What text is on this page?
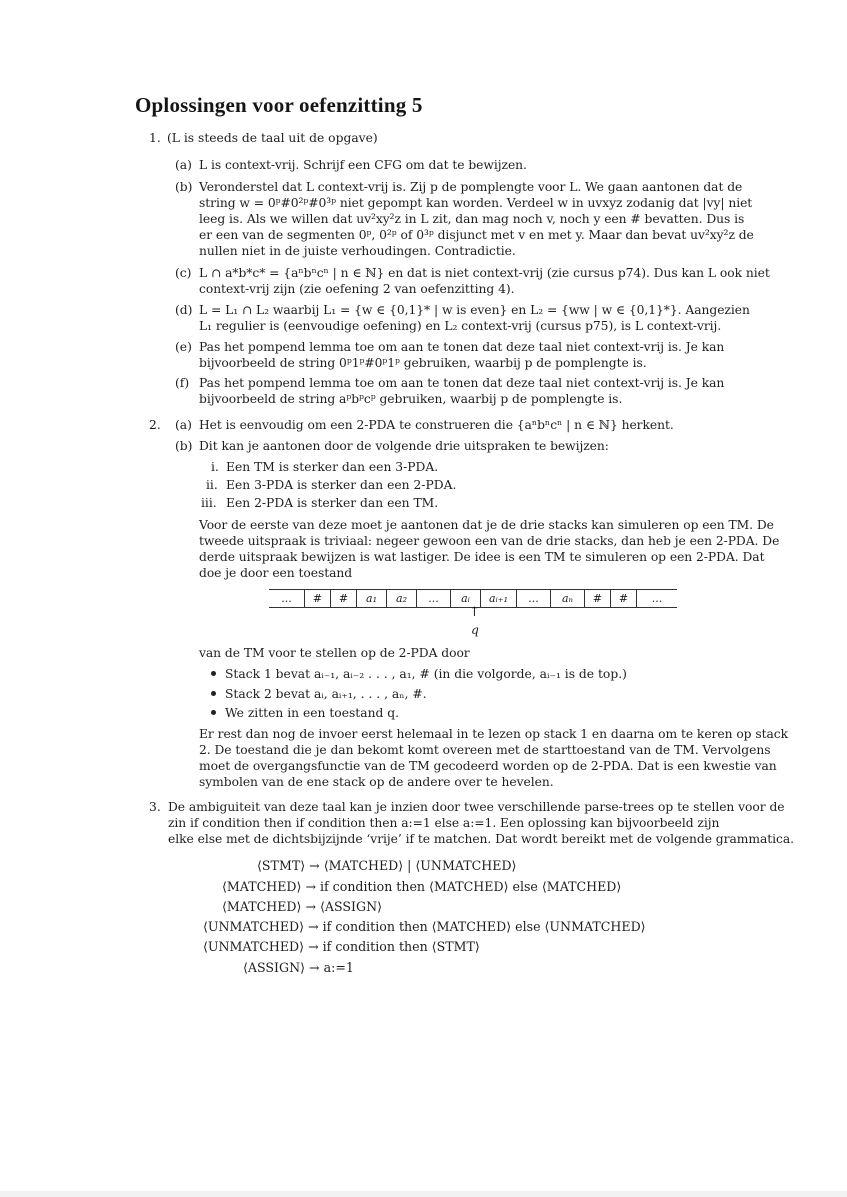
Oplossingen voor oefenzitting 5
1. (L is steeds de taal uit de opgave)
(a) L is context-vrij. Schrijf een CFG om dat te bewijzen.
(b) Veronderstel dat L context-vrij is. Zij p de pomplengte voor L. We gaan aantonen dat de
string w = 0ᵖ#0²ᵖ#0³ᵖ niet gepompt kan worden. Verdeel w in uvxyz zodanig dat |vy| niet
leeg is. Als we willen dat uv²xy²z in L zit, dan mag noch v, noch y een # bevatten. Dus is
er een van de segmenten 0ᵖ, 0²ᵖ of 0³ᵖ disjunct met v en met y. Maar dan bevat uv²xy²z de
nullen niet in de juiste verhoudingen. Contradictie.
(c) L ∩ a*b*c* = {aⁿbⁿcⁿ | n ∈ ℕ} en dat is niet context-vrij (zie cursus p74). Dus kan L ook niet
context-vrij zijn (zie oefening 2 van oefenzitting 4).
(d) L = L₁ ∩ L₂ waarbij L₁ = {w ∈ {0,1}* | w is even} en L₂ = {ww | w ∈ {0,1}*}. Aangezien
L₁ regulier is (eenvoudige oefening) en L₂ context-vrij (cursus p75), is L context-vrij.
(e) Pas het pompend lemma toe om aan te tonen dat deze taal niet context-vrij is. Je kan
bijvoorbeeld de string 0ᵖ1ᵖ#0ᵖ1ᵖ gebruiken, waarbij p de pomplengte is.
(f) Pas het pompend lemma toe om aan te tonen dat deze taal niet context-vrij is. Je kan
bijvoorbeeld de string aᵖbᵖcᵖ gebruiken, waarbij p de pomplengte is.
2. (a) Het is eenvoudig om een 2-PDA te construeren die {aⁿbⁿcⁿ | n ∈ ℕ} herkent.
(b) Dit kan je aantonen door de volgende drie uitspraken te bewijzen:
i. Een TM is sterker dan een 3-PDA.
ii. Een 3-PDA is sterker dan een 2-PDA.
iii. Een 2-PDA is sterker dan een TM.
Voor de eerste van deze moet je aantonen dat je de drie stacks kan simuleren op een TM. De
tweede uitspraak is triviaal: negeer gewoon een van de drie stacks, dan heb je een 2-PDA. De
derde uitspraak bewijzen is wat lastiger. De idee is een TM te simuleren op een 2-PDA. Dat
doe je door een toestand
...	#	#	a₁	a₂	...	aᵢ	aᵢ₊₁	...	aₙ	#	#	...
↑
q
van de TM voor te stellen op de 2-PDA door
Stack 1 bevat aᵢ₋₁, aᵢ₋₂ . . . , a₁, # (in die volgorde, aᵢ₋₁ is de top.)
Stack 2 bevat aᵢ, aᵢ₊₁, . . . , aₙ, #.
We zitten in een toestand q.
Er rest dan nog de invoer eerst helemaal in te lezen op stack 1 en daarna om te keren op stack
2. De toestand die je dan bekomt komt overeen met de starttoestand van de TM. Vervolgens
moet de overgangsfunctie van de TM gecodeerd worden op de 2-PDA. Dat is een kwestie van
symbolen van de ene stack op de andere over te hevelen.
3. De ambiguiteit van deze taal kan je inzien door twee verschillende parse-trees op te stellen voor de
zin if condition then if condition then a:=1 else a:=1. Een oplossing kan bijvoorbeeld zijn
elke else met de dichtsbijzijnde ‘vrije’ if te matchen. Dat wordt bereikt met de volgende grammatica.
⟨STMT⟩ → ⟨MATCHED⟩ | ⟨UNMATCHED⟩
⟨MATCHED⟩ → if condition then ⟨MATCHED⟩ else ⟨MATCHED⟩
⟨MATCHED⟩ → ⟨ASSIGN⟩
⟨UNMATCHED⟩ → if condition then ⟨MATCHED⟩ else ⟨UNMATCHED⟩
⟨UNMATCHED⟩ → if condition then ⟨STMT⟩
⟨ASSIGN⟩ → a:=1
